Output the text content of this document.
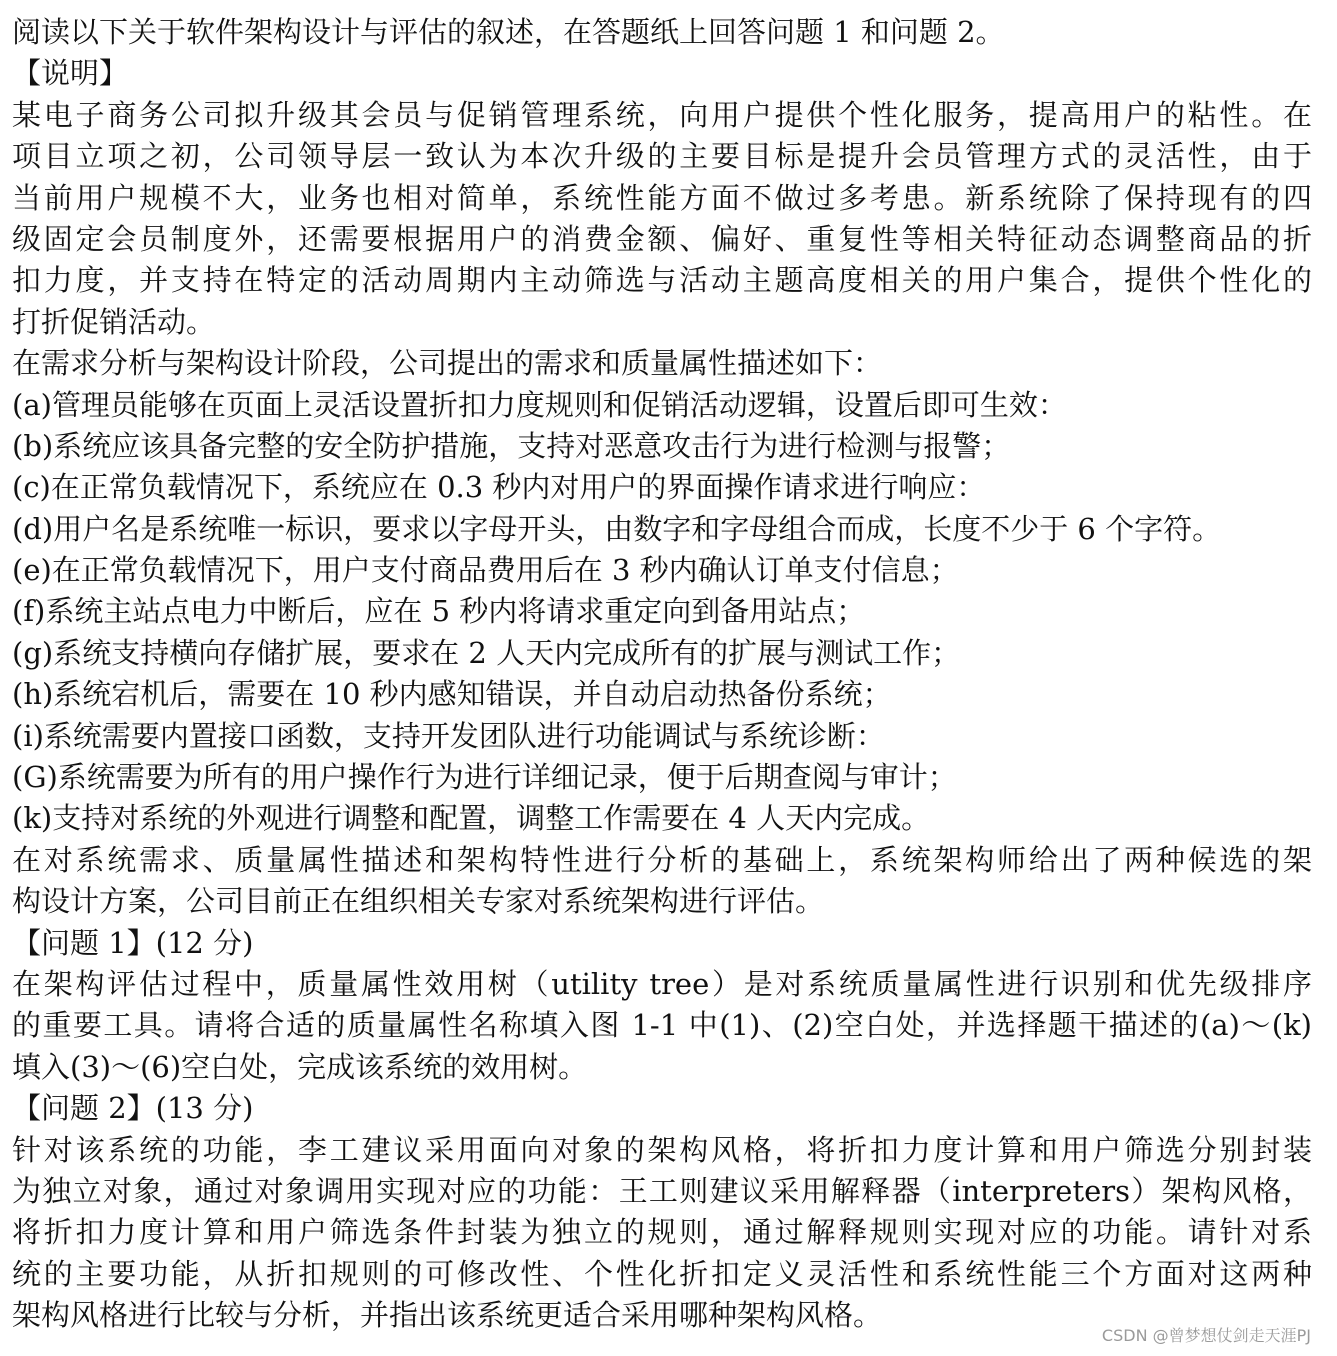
阅读以下关于软件架构设计与评估的叙述，在答题纸上回答问题 1 和问题 2。
【说明】
某电子商务公司拟升级其会员与促销管理系统，向用户提供个性化服务，提高用户的粘性。在
项目立项之初，公司领导层一致认为本次升级的主要目标是提升会员管理方式的灵活性，由于
当前用户规模不大，业务也相对简单，系统性能方面不做过多考患。新系统除了保持现有的四
级固定会员制度外，还需要根据用户的消费金额、偏好、重复性等相关特征动态调整商品的折
扣力度，并支持在特定的活动周期内主动筛选与活动主题高度相关的用户集合，提供个性化的
打折促销活动。
在需求分析与架构设计阶段，公司提出的需求和质量属性描述如下：
(a)管理员能够在页面上灵活设置折扣力度规则和促销活动逻辑，设置后即可生效：
(b)系统应该具备完整的安全防护措施，支持对恶意攻击行为进行检测与报警；
(c)在正常负载情况下，系统应在 0.3 秒内对用户的界面操作请求进行响应：
(d)用户名是系统唯一标识，要求以字母开头，由数字和字母组合而成，长度不少于 6 个字符。
(e)在正常负载情况下，用户支付商品费用后在 3 秒内确认订单支付信息；
(f)系统主站点电力中断后，应在 5 秒内将请求重定向到备用站点；
(g)系统支持横向存储扩展，要求在 2 人天内完成所有的扩展与测试工作；
(h)系统宕机后，需要在 10 秒内感知错误，并自动启动热备份系统；
(i)系统需要内置接口函数，支持开发团队进行功能调试与系统诊断：
(G)系统需要为所有的用户操作行为进行详细记录，便于后期查阅与审计；
(k)支持对系统的外观进行调整和配置，调整工作需要在 4 人天内完成。
在对系统需求、质量属性描述和架构特性进行分析的基础上，系统架构师给出了两种候选的架
构设计方案，公司目前正在组织相关专家对系统架构进行评估。
【问题 1】(12 分)
在架构评估过程中，质量属性效用树（utility tree）是对系统质量属性进行识别和优先级排序
的重要工具。请将合适的质量属性名称填入图 1-1 中(1)、(2)空白处，并选择题干描述的(a)～(k)
填入(3)～(6)空白处，完成该系统的效用树。
【问题 2】(13 分)
针对该系统的功能，李工建议采用面向对象的架构风格，将折扣力度计算和用户筛选分别封装
为独立对象，通过对象调用实现对应的功能：王工则建议采用解释器（interpreters）架构风格，
将折扣力度计算和用户筛选条件封装为独立的规则，通过解释规则实现对应的功能。请针对系
统的主要功能，从折扣规则的可修改性、个性化折扣定义灵活性和系统性能三个方面对这两种
架构风格进行比较与分析，并指出该系统更适合采用哪种架构风格。
CSDN @曾梦想仗剑走天涯PJ
